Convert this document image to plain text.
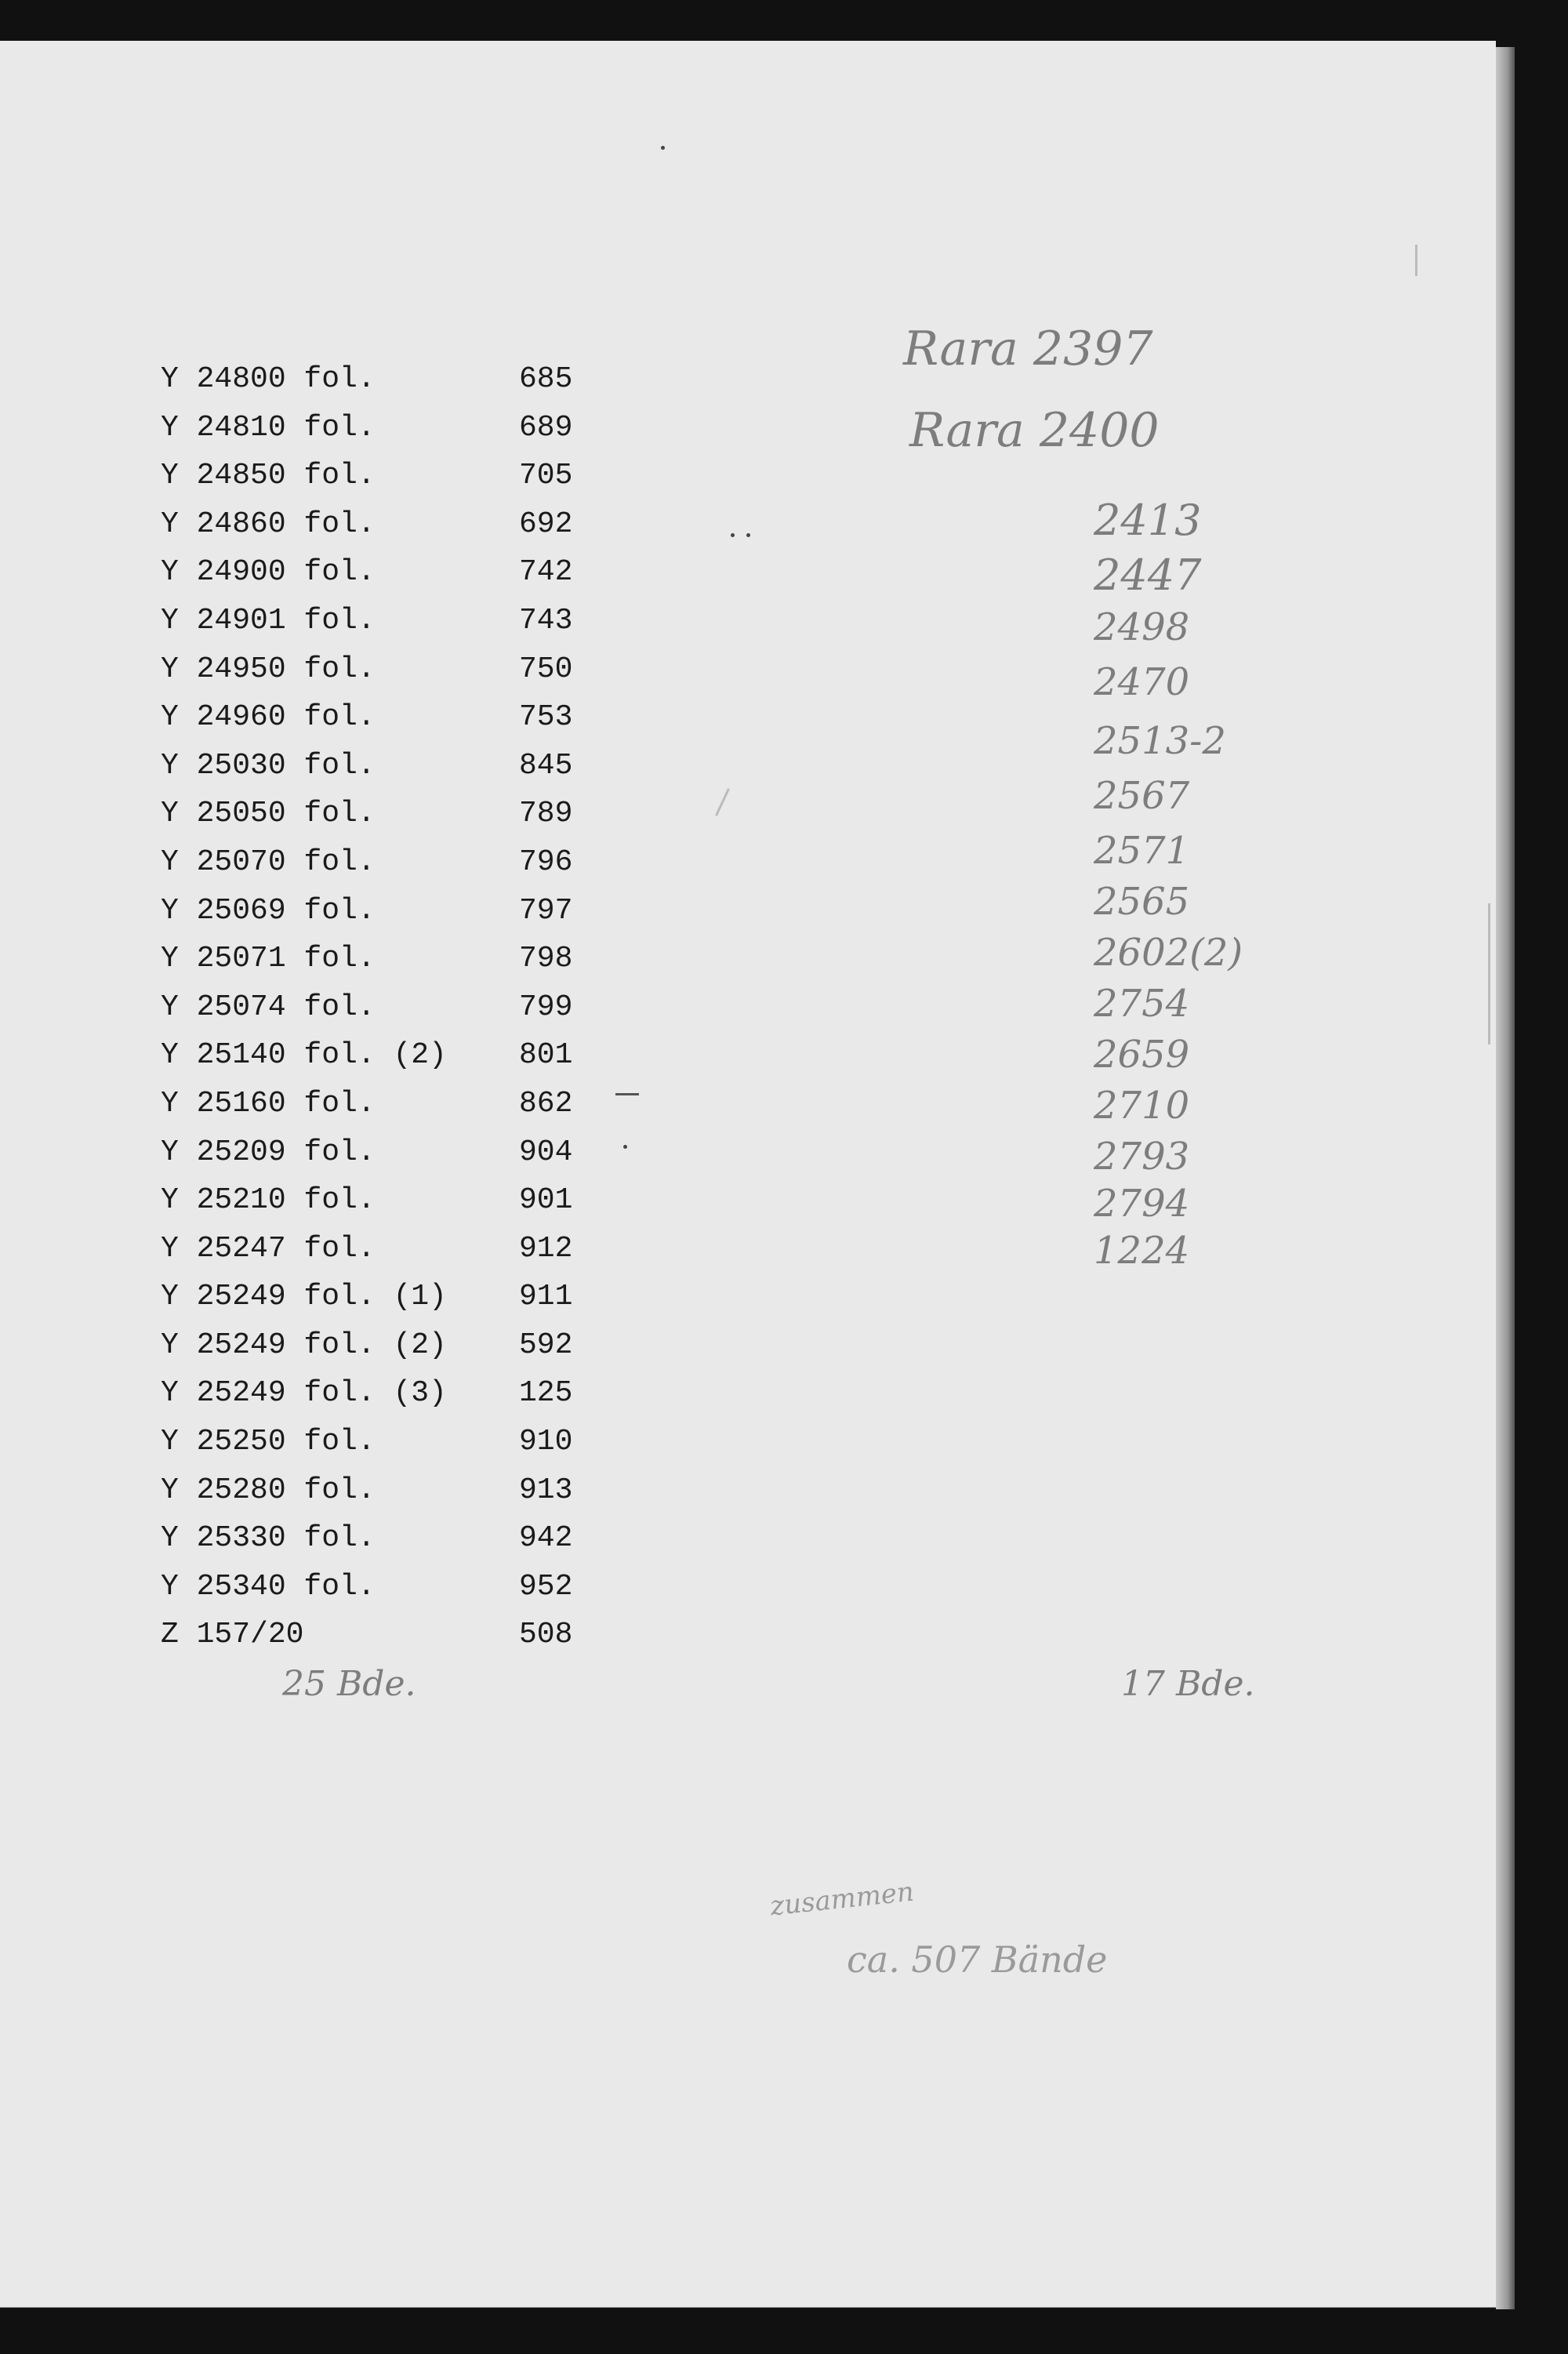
Y 24800 fol.	685
Y 24810 fol.	689
Y 24850 fol.	705
Y 24860 fol.	692
Y 24900 fol.	742
Y 24901 fol.	743
Y 24950 fol.	750
Y 24960 fol.	753
Y 25030 fol.	845
Y 25050 fol.	789
Y 25070 fol.	796
Y 25069 fol.	797
Y 25071 fol.	798
Y 25074 fol.	799
Y 25140 fol. (2) 801
Y 25160 fol.	862
Y 25209 fol.	904
Y 25210 fol.	901
Y 25247 fol.	912
Y 25249 fol. (1) 911
Y 25249 fol. (2) 592
Y 25249 fol. (3) 125
Y 25250 fol.	910
Y 25280 fol.	913
Y 25330 fol.	942
Y 25340 fol.	952
Z 157/20	508
Rara 2397
Rara 2400
2413
2447
2498
2470
2513-2
2567
2571
2565
2602(2)
2754
2659
2710
2793
2794
1224
25 Bde.	17 Bde.
zusammen
ca. 507 Bände
